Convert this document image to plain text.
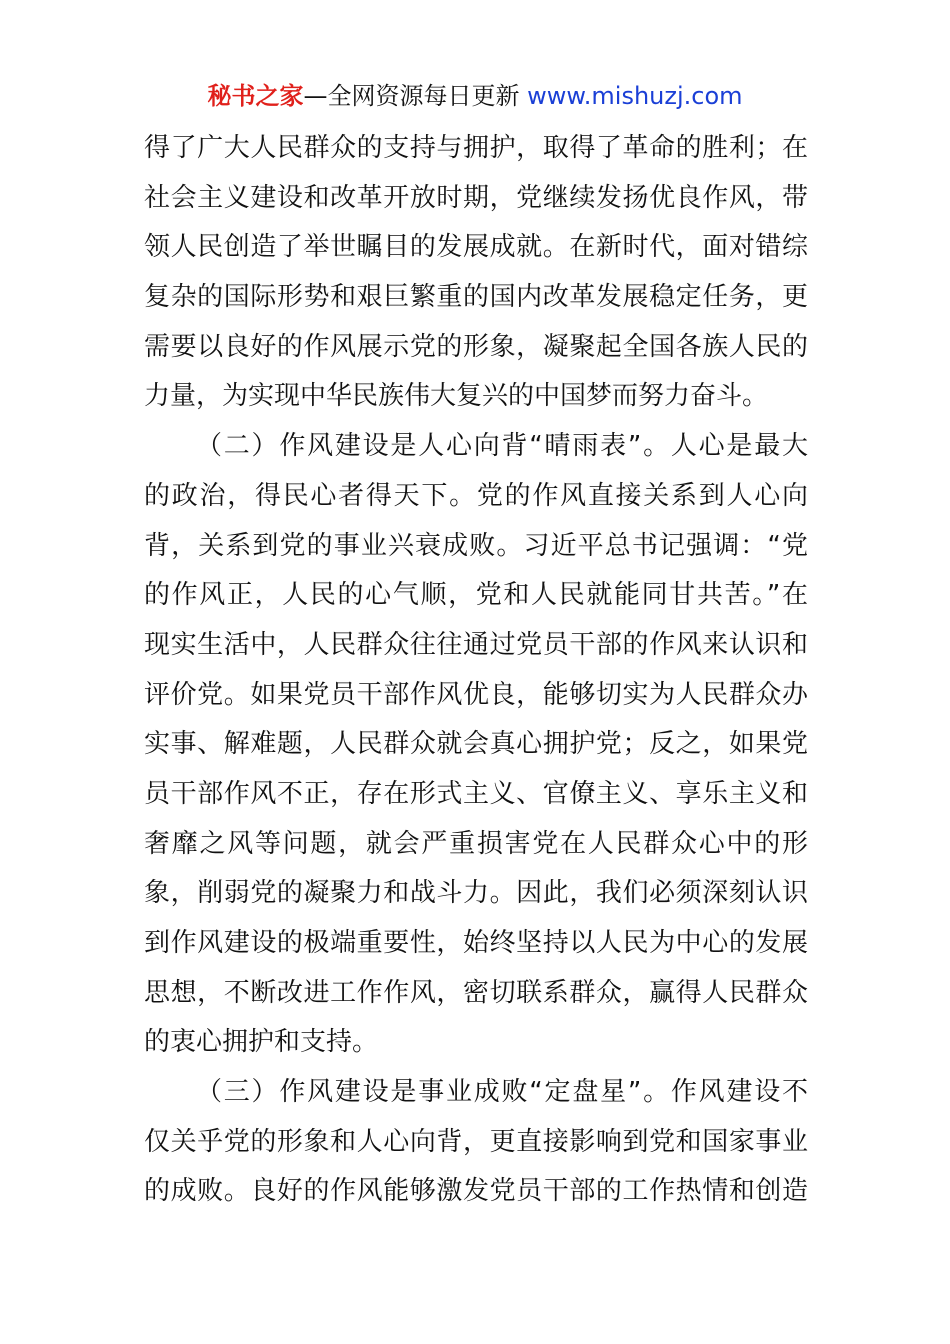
秘书之家—全网资源每日更新 www.mishuzj.com
得了广大人民群众的支持与拥护，取得了革命的胜利；在
社会主义建设和改革开放时期，党继续发扬优良作风，带
领人民创造了举世瞩目的发展成就。在新时代，面对错综
复杂的国际形势和艰巨繁重的国内改革发展稳定任务，更
需要以良好的作风展示党的形象，凝聚起全国各族人民的
力量，为实现中华民族伟大复兴的中国梦而努力奋斗。
（二）作风建设是人心向背“晴雨表”。人心是最大
的政治，得民心者得天下。党的作风直接关系到人心向
背，关系到党的事业兴衰成败。习近平总书记强调：“党
的作风正，人民的心气顺，党和人民就能同甘共苦。”在
现实生活中，人民群众往往通过党员干部的作风来认识和
评价党。如果党员干部作风优良，能够切实为人民群众办
实事、解难题，人民群众就会真心拥护党；反之，如果党
员干部作风不正，存在形式主义、官僚主义、享乐主义和
奢靡之风等问题，就会严重损害党在人民群众心中的形
象，削弱党的凝聚力和战斗力。因此，我们必须深刻认识
到作风建设的极端重要性，始终坚持以人民为中心的发展
思想，不断改进工作作风，密切联系群众，赢得人民群众
的衷心拥护和支持。
（三）作风建设是事业成败“定盘星”。作风建设不
仅关乎党的形象和人心向背，更直接影响到党和国家事业
的成败。良好的作风能够激发党员干部的工作热情和创造
